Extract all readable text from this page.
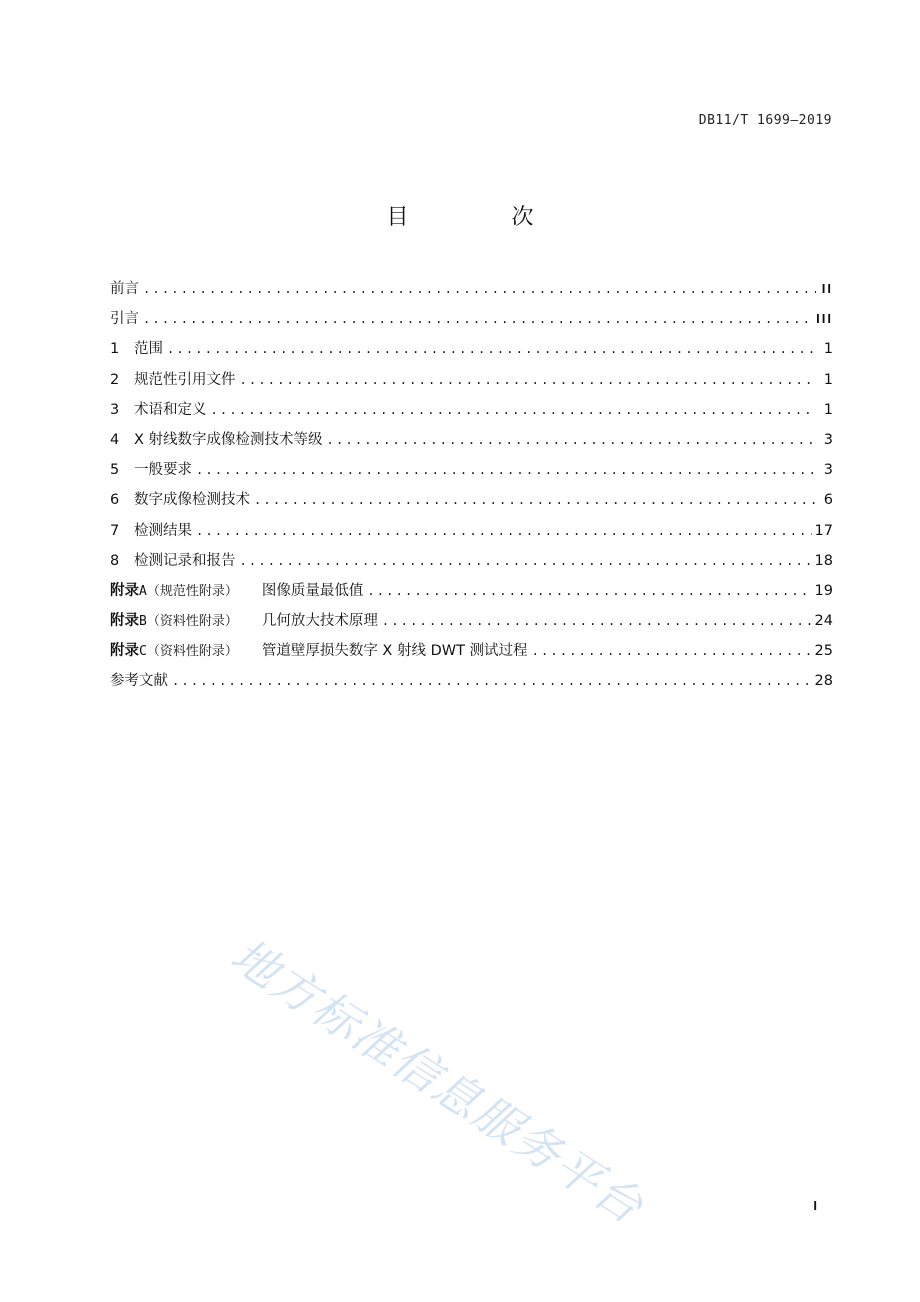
DB11/T 1699—2019
目 次
前言 .....	II
引言 .....	III
1	范围 .....	1
2	规范性引用文件 .....	1
3	术语和定义 .....	1
4	X 射线数字成像检测技术等级 .....	3
5	一般要求 .....	3
6	数字成像检测技术 .....	6
7	检测结果 .....	17
8	检测记录和报告 .....	18
附录A（规范性附录） 图像质量最低值 .....	19
附录B（资料性附录） 几何放大技术原理 .....	24
附录C（资料性附录） 管道壁厚损失数字 X 射线 DWT 测试过程 .....	25
参考文献 .....	28
地方标准信息服务平台	I
